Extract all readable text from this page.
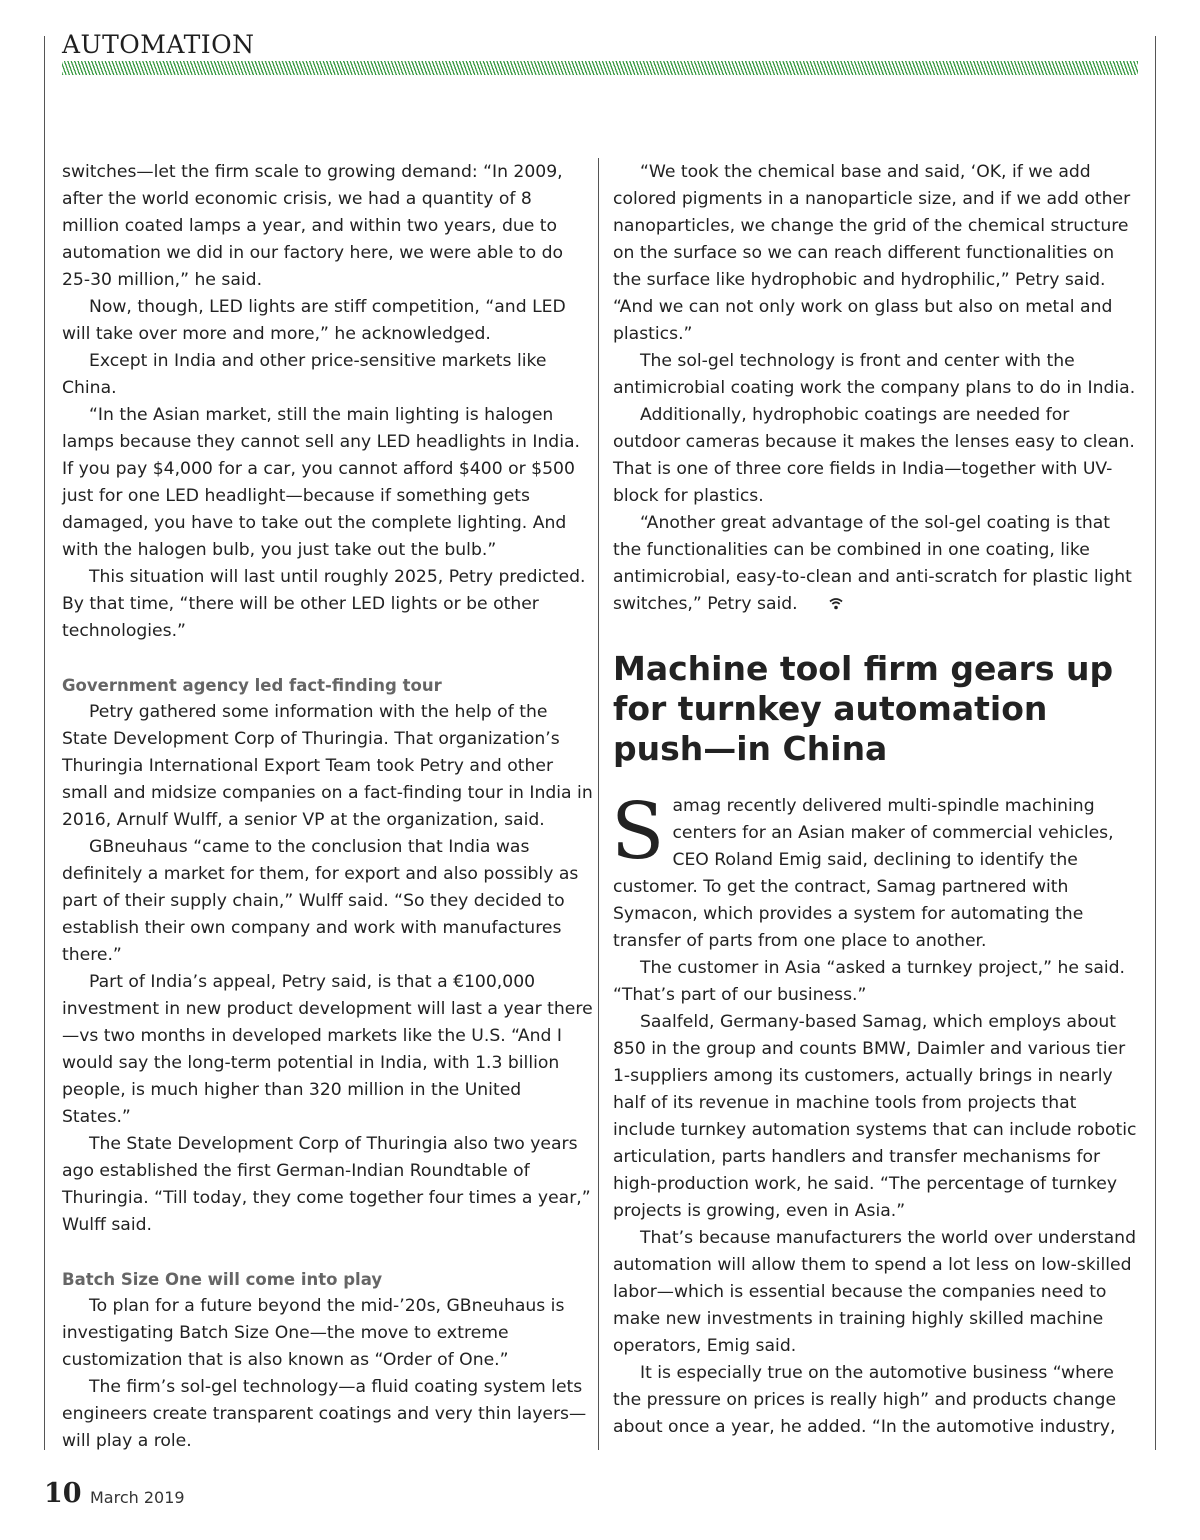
AUTOMATION

switches—let the firm scale to growing demand: “In 2009, after the world economic crisis, we had a quantity of 8 million coated lamps a year, and within two years, due to automation we did in our factory here, we were able to do 25-30 million,” he said.

Now, though, LED lights are stiff competition, “and LED will take over more and more,” he acknowledged.

Except in India and other price-sensitive markets like China.

“In the Asian market, still the main lighting is halogen lamps because they cannot sell any LED headlights in India. If you pay $4,000 for a car, you cannot afford $400 or $500 just for one LED headlight—because if something gets damaged, you have to take out the complete lighting. And with the halogen bulb, you just take out the bulb.”

This situation will last until roughly 2025, Petry predicted. By that time, “there will be other LED lights or be other technologies.”

Government agency led fact-finding tour

Petry gathered some information with the help of the State Development Corp of Thuringia. That organization’s Thuringia International Export Team took Petry and other small and midsize companies on a fact-finding tour in India in 2016, Arnulf Wulff, a senior VP at the organization, said.

GBneuhaus “came to the conclusion that India was definitely a market for them, for export and also possibly as part of their supply chain,” Wulff said. “So they decided to establish their own company and work with manufactures there.”

Part of India’s appeal, Petry said, is that a €100,000 investment in new product development will last a year there—vs two months in developed markets like the U.S. “And I would say the long-term potential in India, with 1.3 billion people, is much higher than 320 million in the United States.”

The State Development Corp of Thuringia also two years ago established the first German-Indian Roundtable of Thuringia. “Till today, they come together four times a year,” Wulff said.

Batch Size One will come into play

To plan for a future beyond the mid-’20s, GBneuhaus is investigating Batch Size One—the move to extreme customization that is also known as “Order of One.”

The firm’s sol-gel technology—a fluid coating system lets engineers create transparent coatings and very thin layers—will play a role.

“We took the chemical base and said, ‘OK, if we add colored pigments in a nanoparticle size, and if we add other nanoparticles, we change the grid of the chemical structure on the surface so we can reach different functionalities on the surface like hydrophobic and hydrophilic,” Petry said. “And we can not only work on glass but also on metal and plastics.”

The sol-gel technology is front and center with the antimicrobial coating work the company plans to do in India.

Additionally, hydrophobic coatings are needed for outdoor cameras because it makes the lenses easy to clean. That is one of three core fields in India—together with UV-block for plastics.

“Another great advantage of the sol-gel coating is that the functionalities can be combined in one coating, like antimicrobial, easy-to-clean and anti-scratch for plastic light switches,” Petry said.

Machine tool firm gears up for turnkey automation push—in China

Samag recently delivered multi-spindle machining centers for an Asian maker of commercial vehicles, CEO Roland Emig said, declining to identify the customer. To get the contract, Samag partnered with Symacon, which provides a system for automating the transfer of parts from one place to another.

The customer in Asia “asked a turnkey project,” he said. “That’s part of our business.”

Saalfeld, Germany-based Samag, which employs about 850 in the group and counts BMW, Daimler and various tier 1-suppliers among its customers, actually brings in nearly half of its revenue in machine tools from projects that include turnkey automation systems that can include robotic articulation, parts handlers and transfer mechanisms for high-production work, he said. “The percentage of turnkey projects is growing, even in Asia.”

That’s because manufacturers the world over understand automation will allow them to spend a lot less on low-skilled labor—which is essential because the companies need to make new investments in training highly skilled machine operators, Emig said.

It is especially true on the automotive business “where the pressure on prices is really high” and products change about once a year, he added. “In the automotive industry,

10 March 2019
